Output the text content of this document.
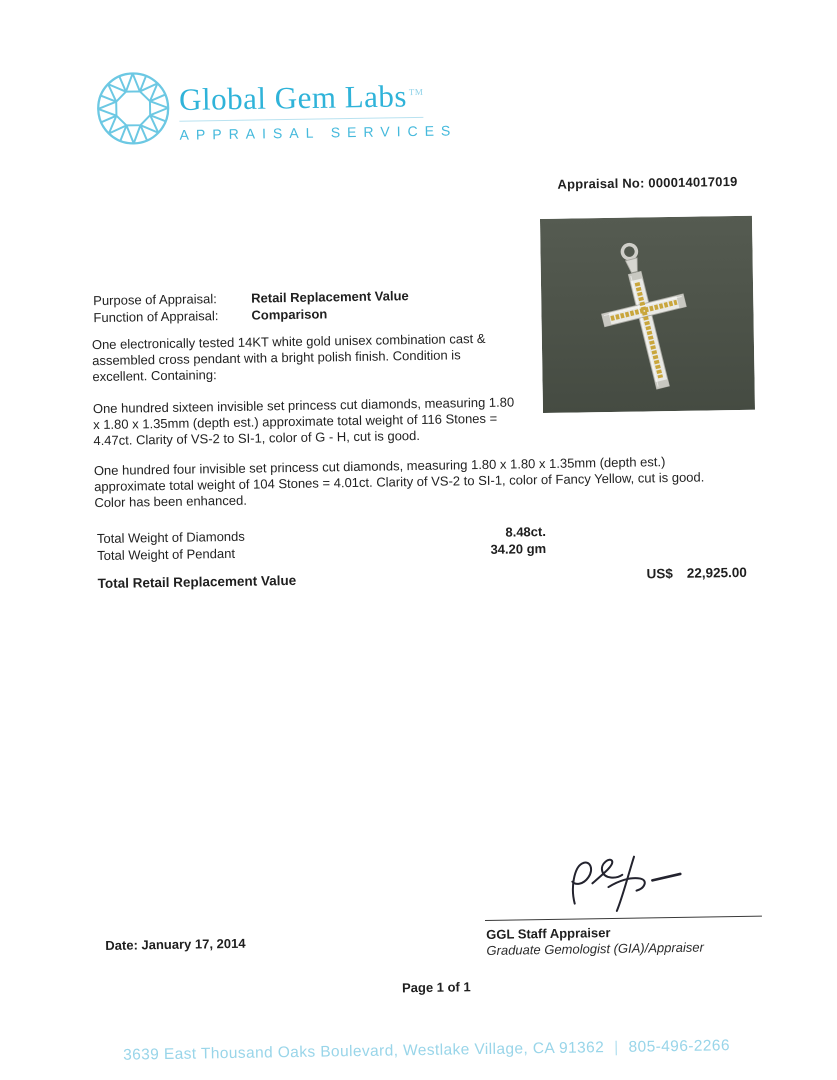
Global Gem Labs ™
APPRAISAL SERVICES
Appraisal No: 000014017019
Purpose of Appraisal:	Retail Replacement Value
Function of Appraisal:	Comparison

One electronically tested 14KT white gold unisex combination cast & assembled cross pendant with a bright polish finish. Condition is excellent. Containing:

One hundred sixteen invisible set princess cut diamonds, measuring 1.80 x 1.80 x 1.35mm (depth est.) approximate total weight of 116 Stones = 4.47ct. Clarity of VS-2 to SI-1, color of G - H, cut is good.

One hundred four invisible set princess cut diamonds, measuring 1.80 x 1.80 x 1.35mm (depth est.) approximate total weight of 104 Stones = 4.01ct. Clarity of VS-2 to SI-1, color of Fancy Yellow, cut is good. Color has been enhanced.

Total Weight of Diamonds	8.48ct.
Total Weight of Pendant	34.20 gm
Total Retail Replacement Value	US$ 22,925.00
GGL Staff Appraiser
Graduate Gemologist (GIA)/Appraiser
Date: January 17, 2014
Page 1 of 1
3639 East Thousand Oaks Boulevard, Westlake Village, CA 91362 | 805-496-2266
